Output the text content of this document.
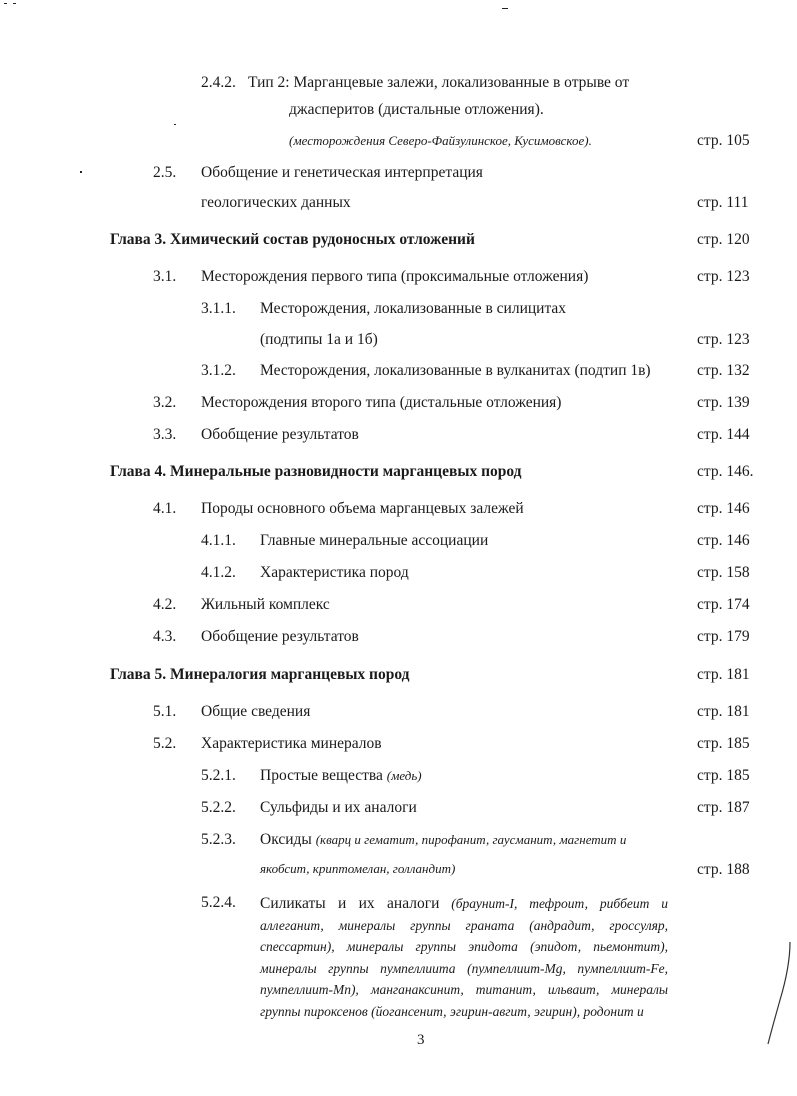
2.4.2. Тип 2: Марганцевые залежи, локализованные в отрыве от
джасперитов (дистальные отложения).
(месторождения Северо-Файзулинское, Кусимовское).	стр. 105
2.5. Обобщение и генетическая интерпретация
геологических данных	стр. 111
Глава 3. Химический состав рудоносных отложений	стр. 120
3.1. Месторождения первого типа (проксимальные отложения)	стр. 123
3.1.1. Месторождения, локализованные в силицитах
(подтипы 1а и 1б)	стр. 123
3.1.2. Месторождения, локализованные в вулканитах (подтип 1в)	стр. 132
3.2. Месторождения второго типа (дистальные отложения)	стр. 139
3.3. Обобщение результатов	стр. 144
Глава 4. Минеральные разновидности марганцевых пород	стр. 146.
4.1. Породы основного объема марганцевых залежей	стр. 146
4.1.1. Главные минеральные ассоциации	стр. 146
4.1.2. Характеристика пород	стр. 158
4.2. Жильный комплекс	стр. 174
4.3. Обобщение результатов	стр. 179
Глава 5. Минералогия марганцевых пород	стр. 181
5.1. Общие сведения	стр. 181
5.2. Характеристика минералов	стр. 185
5.2.1. Простые вещества (медь)	стр. 185
5.2.2. Сульфиды и их аналоги	стр. 187
5.2.3. Оксиды (кварц и гематит, пирофанит, гаусманит, магнетит и
якобсит, криптомелан, голландит)	стр. 188
5.2.4. Силикаты и их аналоги (браунит-I, тефроит, риббеит и аллеганит, минералы группы граната (андрадит, гроссуляр, спессартин), минералы группы эпидота (эпидот, пьемонтит), минералы группы пумпеллиита (пумпеллиит-Mg, пумпеллиит-Fe, пумпеллиит-Mn), манганаксинит, титанит, ильваит, минералы группы пироксенов (йогансенит, эгирин-авгит, эгирин), родонит и
3
